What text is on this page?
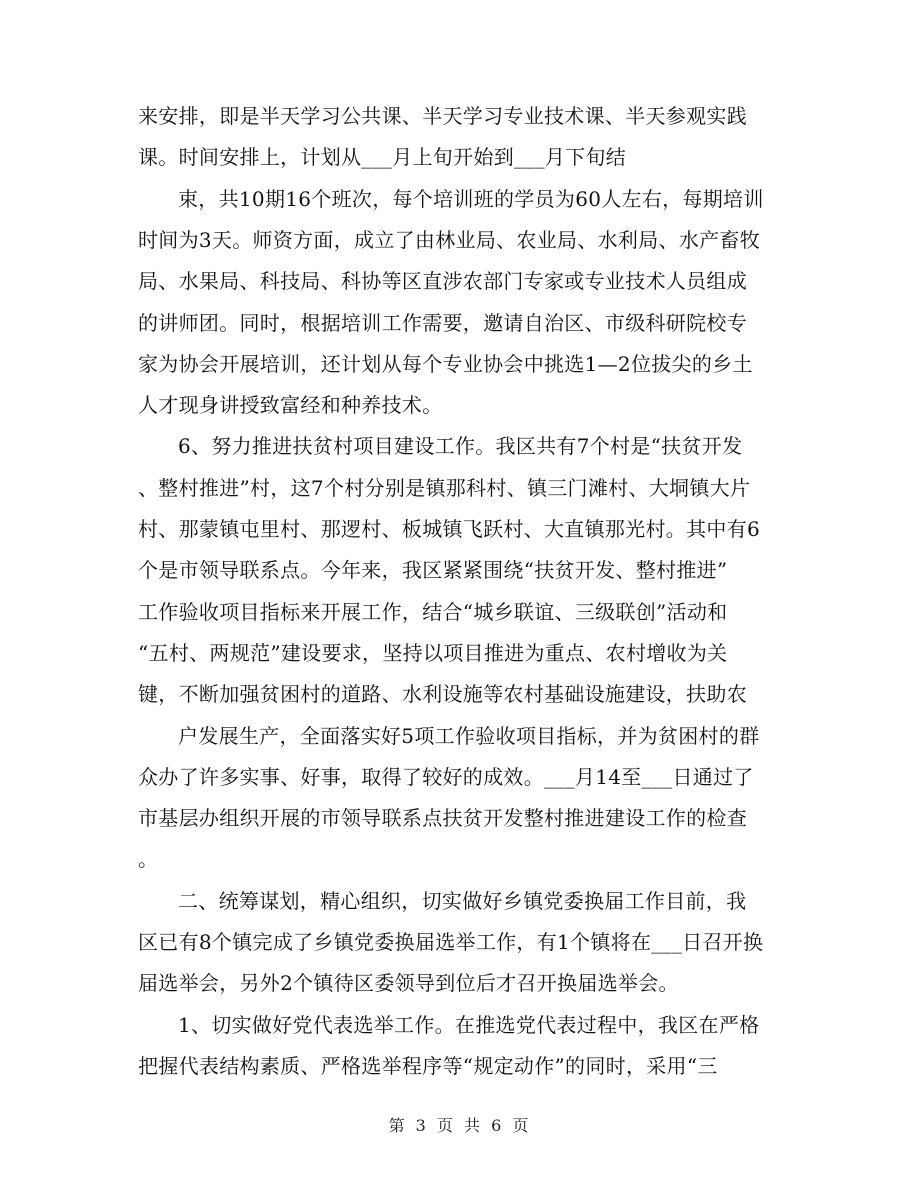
来安排，即是半天学习公共课、半天学习专业技术课、半天参观实践
课。时间安排上，计划从___月上旬开始到___月下旬结
束，共10期16个班次，每个培训班的学员为60人左右，每期培训
时间为3天。师资方面，成立了由林业局、农业局、水利局、水产畜牧
局、水果局、科技局、科协等区直涉农部门专家或专业技术人员组成
的讲师团。同时，根据培训工作需要，邀请自治区、市级科研院校专
家为协会开展培训，还计划从每个专业协会中挑选1—2位拔尖的乡土
人才现身讲授致富经和种养技术。
6、努力推进扶贫村项目建设工作。我区共有7个村是“扶贫开发
、整村推进”村，这7个村分别是镇那科村、镇三门滩村、大垌镇大片
村、那蒙镇屯里村、那逻村、板城镇飞跃村、大直镇那光村。其中有6
个是市领导联系点。今年来，我区紧紧围绕“扶贫开发、整村推进”
工作验收项目指标来开展工作，结合“城乡联谊、三级联创”活动和
“五村、两规范”建设要求，坚持以项目推进为重点、农村增收为关
键，不断加强贫困村的道路、水利设施等农村基础设施建设，扶助农
户发展生产，全面落实好5项工作验收项目指标，并为贫困村的群
众办了许多实事、好事，取得了较好的成效。___月14至___日通过了
市基层办组织开展的市领导联系点扶贫开发整村推进建设工作的检查
。
二、统筹谋划，精心组织，切实做好乡镇党委换届工作目前，我
区已有8个镇完成了乡镇党委换届选举工作，有1个镇将在___日召开换
届选举会，另外2个镇待区委领导到位后才召开换届选举会。
1、切实做好党代表选举工作。在推选党代表过程中，我区在严格
把握代表结构素质、严格选举程序等“规定动作”的同时，采用“三
第 3 页 共 6 页
